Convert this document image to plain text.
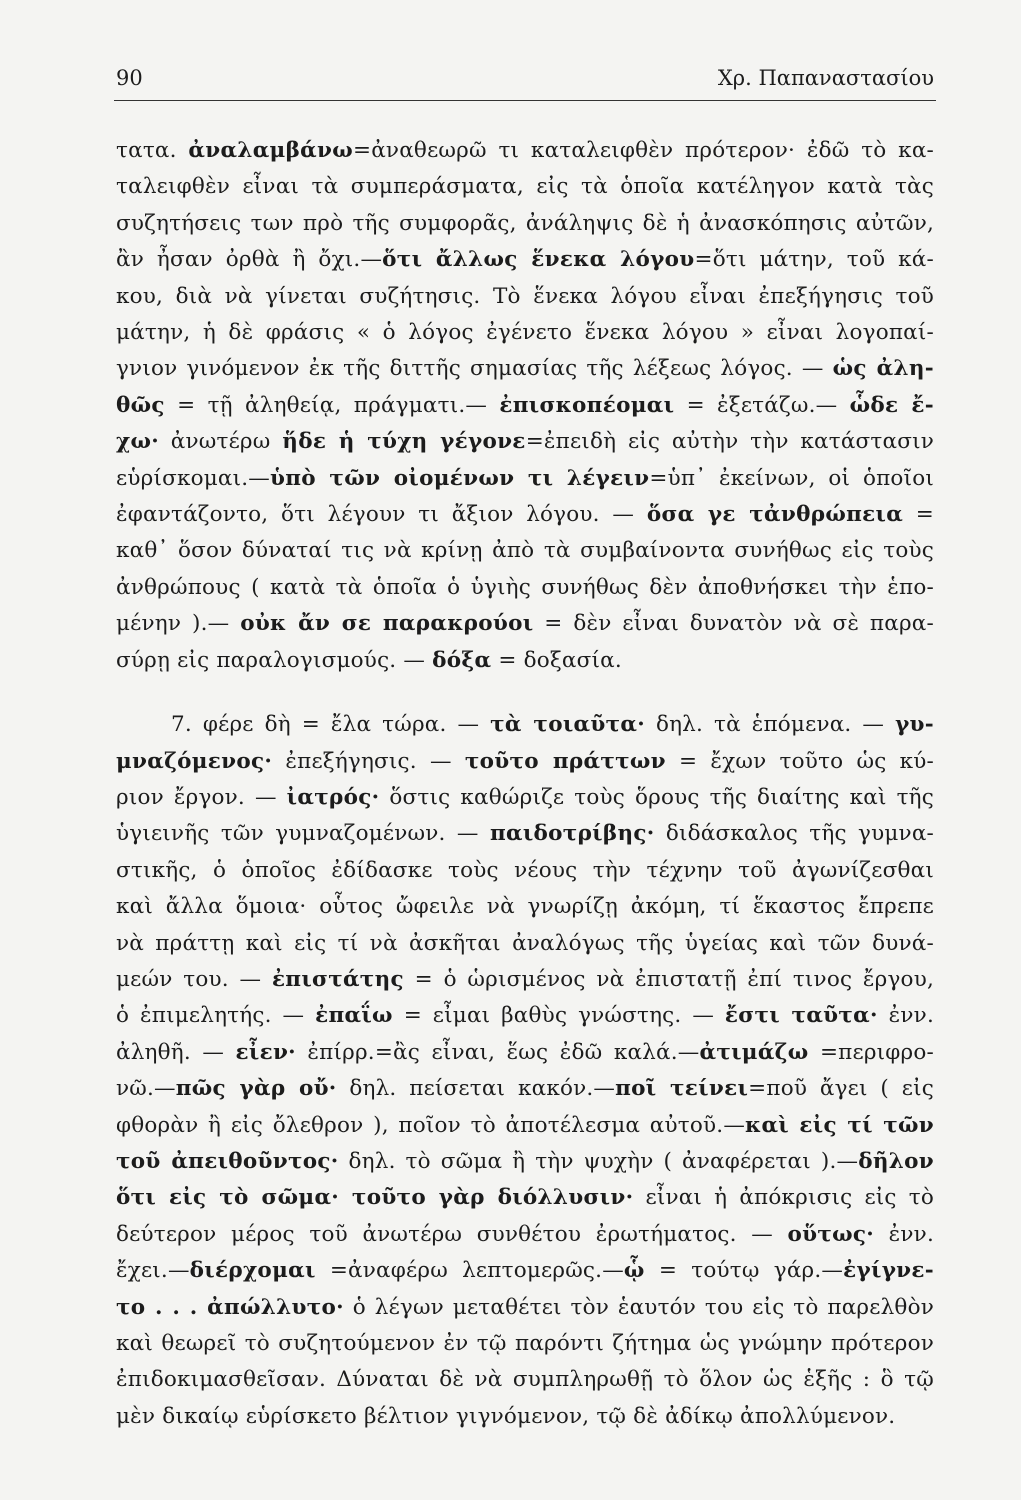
90	Χρ. Παπαναστασίου
τατα. ἀναλαμβάνω=ἀναθεωρῶ τι καταλειφθὲν πρότερον· ἐδῶ τὸ κα-
ταλειφθὲν εἶναι τὰ συμπεράσματα, εἰς τὰ ὁποῖα κατέληγον κατὰ τὰς
συζητήσεις των πρὸ τῆς συμφορᾶς, ἀνάληψις δὲ ἡ ἀνασκόπησις αὐτῶν,
ἂν ἦσαν ὀρθὰ ἢ ὄχι.—ὅτι ἄλλως ἕνεκα λόγου=ὅτι μάτην, τοῦ κά-
κου, διὰ νὰ γίνεται συζήτησις. Τὸ ἕνεκα λόγου εἶναι ἐπεξήγησις τοῦ
μάτην, ἡ δὲ φράσις « ὁ λόγος ἐγένετο ἕνεκα λόγου » εἶναι λογοπαί-
γνιον γινόμενον ἐκ τῆς διττῆς σημασίας τῆς λέξεως λόγος. — ὡς ἀλη-
θῶς = τῇ ἀληθείᾳ, πράγματι.— ἐπισκοπέομαι = ἐξετάζω.— ὧδε ἔ-
χω· ἀνωτέρω ἥδε ἡ τύχη γέγονε=ἐπειδὴ εἰς αὐτὴν τὴν κατάστασιν
εὑρίσκομαι.—ὑπὸ τῶν οἰομένων τι λέγειν=ὑπ᾿ ἐκείνων, οἱ ὁποῖοι
ἐφαντάζοντο, ὅτι λέγουν τι ἄξιον λόγου. — ὅσα γε τἀνθρώπεια =
καθ᾿ ὅσον δύναταί τις νὰ κρίνῃ ἀπὸ τὰ συμβαίνοντα συνήθως εἰς τοὺς
ἀνθρώπους ( κατὰ τὰ ὁποῖα ὁ ὑγιὴς συνήθως δὲν ἀποθνήσκει τὴν ἑπο-
μένην ).— οὐκ ἄν σε παρακρούοι = δὲν εἶναι δυνατὸν νὰ σὲ παρα-
σύρῃ εἰς παραλογισμούς. — δόξα = δοξασία.
7. φέρε δὴ = ἔλα τώρα. — τὰ τοιαῦτα· δηλ. τὰ ἑπόμενα. — γυ-
μναζόμενος· ἐπεξήγησις. — τοῦτο πράττων = ἔχων τοῦτο ὡς κύ-
ριον ἔργον. — ἰατρός· ὅστις καθώριζε τοὺς ὅρους τῆς διαίτης καὶ τῆς
ὑγιεινῆς τῶν γυμναζομένων. — παιδοτρίβης· διδάσκαλος τῆς γυμνα-
στικῆς, ὁ ὁποῖος ἐδίδασκε τοὺς νέους τὴν τέχνην τοῦ ἀγωνίζεσθαι
καὶ ἄλλα ὅμοια· οὗτος ὤφειλε νὰ γνωρίζῃ ἀκόμη, τί ἕκαστος ἔπρεπε
νὰ πράττῃ καὶ εἰς τί νὰ ἀσκῆται ἀναλόγως τῆς ὑγείας καὶ τῶν δυνά-
μεών του. — ἐπιστάτης = ὁ ὡρισμένος νὰ ἐπιστατῇ ἐπί τινος ἔργου,
ὁ ἐπιμελητής. — ἐπαΐω = εἶμαι βαθὺς γνώστης. — ἔστι ταῦτα· ἐνν.
ἀληθῆ. — εἶεν· ἐπίρρ.=ἂς εἶναι, ἕως ἐδῶ καλά.—ἀτιμάζω =περιφρο-
νῶ.—πῶς γὰρ οὔ· δηλ. πείσεται κακόν.—ποῖ τείνει=ποῦ ἄγει ( εἰς
φθορὰν ἢ εἰς ὄλεθρον ), ποῖον τὸ ἀποτέλεσμα αὐτοῦ.—καὶ εἰς τί τῶν
τοῦ ἀπειθοῦντος· δηλ. τὸ σῶμα ἢ τὴν ψυχὴν ( ἀναφέρεται ).—δῆλον
ὅτι εἰς τὸ σῶμα· τοῦτο γὰρ διόλλυσιν· εἶναι ἡ ἀπόκρισις εἰς τὸ
δεύτερον μέρος τοῦ ἀνωτέρω συνθέτου ἐρωτήματος. — οὕτως· ἐνν.
ἔχει.—διέρχομαι =ἀναφέρω λεπτομερῶς.—ᾧ = τούτῳ γάρ.—ἐγίγνε-
το . . . ἀπώλλυτο· ὁ λέγων μεταθέτει τὸν ἑαυτόν του εἰς τὸ παρελθὸν
καὶ θεωρεῖ τὸ συζητούμενον ἐν τῷ παρόντι ζήτημα ὡς γνώμην πρότερον
ἐπιδοκιμασθεῖσαν. Δύναται δὲ νὰ συμπληρωθῇ τὸ ὅλον ὡς ἑξῆς : ὃ τῷ
μὲν δικαίῳ εὑρίσκετο βέλτιον γιγνόμενον, τῷ δὲ ἀδίκῳ ἀπολλύμενον.
